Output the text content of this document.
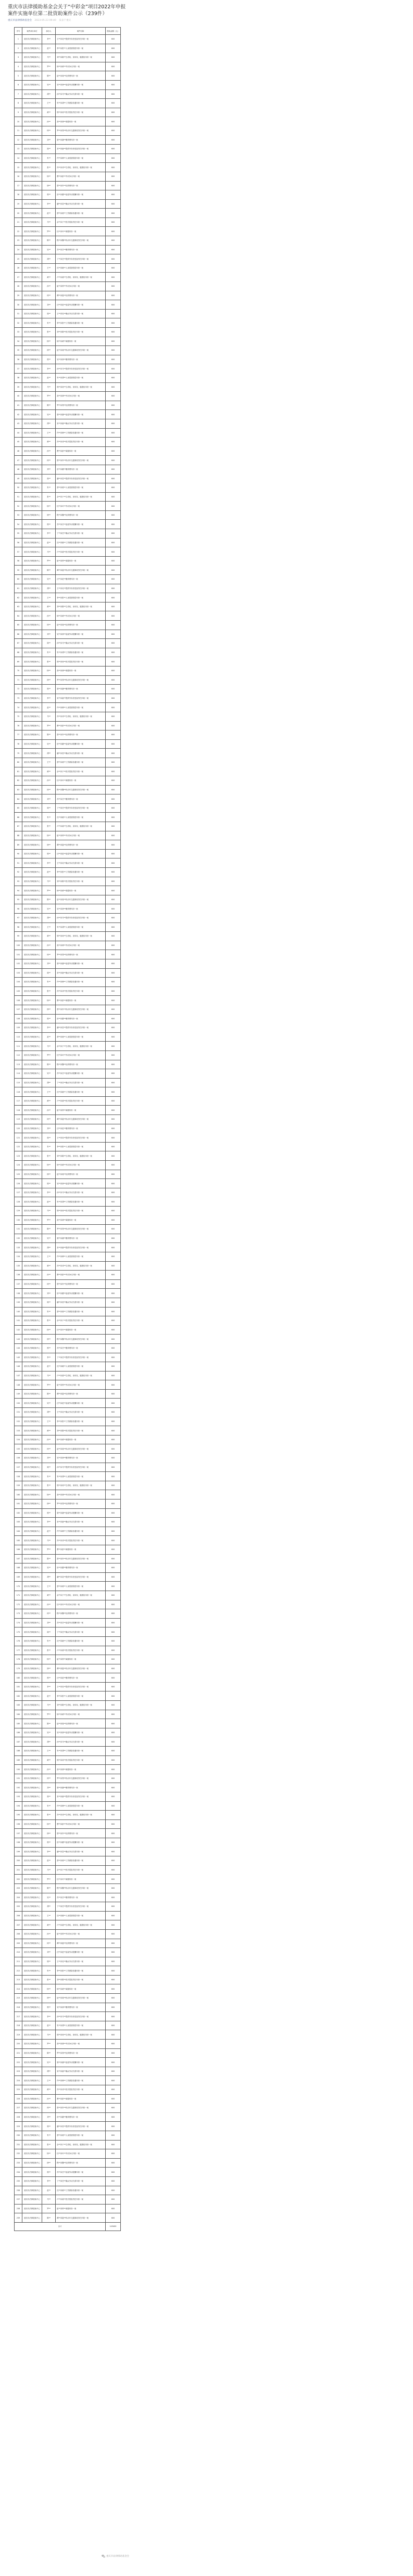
重庆市法律援助基金会关于“中彩金”项目2022年申报案件实施单位第二批资助案件公示（239件）
重庆市法律援助基金会 2023-05-23 09:40 发表于重庆
序号	案件承办单位	承办人	案件名称	资助金额（元）
1	重庆市法律援助中心	李**	王**诉吴**提供劳务者受害责任纠纷一案	600
2	重庆市法律援助中心	赵**	李**诉张**人身损害赔偿纠纷一案	600
3	重庆市法律援助中心	马**	刘**诉陈**生命权、身体权、健康权纠纷一案	600
4	重庆市法律援助中心	罗**	杨**诉黄**劳动争议纠纷一案	600
5	重庆市法律援助中心	陈**	赵**诉周**抚养费纠纷一案	600
6	重庆市法律援助中心	吴**	吴**诉徐**追索劳动报酬纠纷一案	600
7	重庆市法律援助中心	胡**	孙**诉马**确认劳动关系纠纷一案	600
8	重庆市法律援助中心	王**	朱**诉胡**工伤保险待遇纠纷一案	600
9	重庆市法律援助中心	黄**	郭**诉何**医疗损害责任纠纷一案	600
10	重庆市法律援助中心	孙**	高**诉林**离婚纠纷一案	600
11	重庆市法律援助中心	何**	罗**诉郑**机动车交通事故责任纠纷一案	600
12	重庆市法律援助中心	刘**	梁**诉谢**赡养费纠纷一案	600
13	重庆市法律援助中心	周**	宋**诉唐**提供劳务者受害责任纠纷一案	600
14	重庆市法律援助中心	朱**	许**诉韩**人身损害赔偿纠纷一案	600
15	重庆市法律援助中心	张**	冯**诉邓**生命权、身体权、健康权纠纷一案	600
16	重庆市法律援助中心	杨**	曹**诉彭**劳动争议纠纷一案	600
17	重庆市法律援助中心	徐**	曾**诉肖**抚养费纠纷一案	600
18	重庆市法律援助中心	郭**	田**诉董**追索劳动报酬纠纷一案	600
19	重庆市法律援助中心	李**	潘**诉袁**确认劳动关系纠纷一案	600
20	重庆市法律援助中心	赵**	蔡**诉蒋**工伤保险待遇纠纷一案	600
21	重庆市法律援助中心	马**	余**诉于**医疗损害责任纠纷一案	600
22	重庆市法律援助中心	罗**	杜**诉叶**离婚纠纷一案	600
23	重庆市法律援助中心	陈**	程**诉魏**机动车交通事故责任纠纷一案	600
24	重庆市法律援助中心	吴**	苏**诉吕**赡养费纠纷一案	600
25	重庆市法律援助中心	胡**	丁**诉任**提供劳务者受害责任纠纷一案	600
26	重庆市法律援助中心	王**	沈**诉姚**人身损害赔偿纠纷一案	600
27	重庆市法律援助中心	黄**	卢**诉姜**生命权、身体权、健康权纠纷一案	600
28	重庆市法律援助中心	孙**	崔**诉钟**劳动争议纠纷一案	600
29	重庆市法律援助中心	何**	谭**诉陆**抚养费纠纷一案	600
30	重庆市法律援助中心	刘**	汪**诉范**追索劳动报酬纠纷一案	600
31	重庆市法律援助中心	周**	王**诉吴**确认劳动关系纠纷一案	600
32	重庆市法律援助中心	朱**	李**诉张**工伤保险待遇纠纷一案	600
33	重庆市法律援助中心	张**	刘**诉陈**医疗损害责任纠纷一案	600
34	重庆市法律援助中心	杨**	杨**诉黄**离婚纠纷一案	600
35	重庆市法律援助中心	徐**	赵**诉周**机动车交通事故责任纠纷一案	600
36	重庆市法律援助中心	郭**	吴**诉徐**赡养费纠纷一案	600
37	重庆市法律援助中心	李**	孙**诉马**提供劳务者受害责任纠纷一案	600
38	重庆市法律援助中心	赵**	朱**诉胡**人身损害赔偿纠纷一案	600
39	重庆市法律援助中心	马**	郭**诉何**生命权、身体权、健康权纠纷一案	600
40	重庆市法律援助中心	罗**	高**诉林**劳动争议纠纷一案	600
41	重庆市法律援助中心	陈**	罗**诉郑**抚养费纠纷一案	600
42	重庆市法律援助中心	吴**	梁**诉谢**追索劳动报酬纠纷一案	600
43	重庆市法律援助中心	胡**	宋**诉唐**确认劳动关系纠纷一案	600
44	重庆市法律援助中心	王**	许**诉韩**工伤保险待遇纠纷一案	600
45	重庆市法律援助中心	黄**	冯**诉邓**医疗损害责任纠纷一案	600
46	重庆市法律援助中心	孙**	曹**诉彭**离婚纠纷一案	600
47	重庆市法律援助中心	何**	曾**诉肖**机动车交通事故责任纠纷一案	600
48	重庆市法律援助中心	刘**	田**诉董**赡养费纠纷一案	600
49	重庆市法律援助中心	周**	潘**诉袁**提供劳务者受害责任纠纷一案	600
50	重庆市法律援助中心	朱**	蔡**诉蒋**人身损害赔偿纠纷一案	600
51	重庆市法律援助中心	张**	余**诉于**生命权、身体权、健康权纠纷一案	600
52	重庆市法律援助中心	杨**	杜**诉叶**劳动争议纠纷一案	600
53	重庆市法律援助中心	徐**	程**诉魏**抚养费纠纷一案	600
54	重庆市法律援助中心	郭**	苏**诉吕**追索劳动报酬纠纷一案	600
55	重庆市法律援助中心	李**	丁**诉任**确认劳动关系纠纷一案	600
56	重庆市法律援助中心	赵**	沈**诉姚**工伤保险待遇纠纷一案	600
57	重庆市法律援助中心	马**	卢**诉姜**医疗损害责任纠纷一案	600
58	重庆市法律援助中心	罗**	崔**诉钟**离婚纠纷一案	600
59	重庆市法律援助中心	陈**	谭**诉陆**机动车交通事故责任纠纷一案	600
60	重庆市法律援助中心	吴**	汪**诉范**赡养费纠纷一案	600
61	重庆市法律援助中心	胡**	王**诉吴**提供劳务者受害责任纠纷一案	600
62	重庆市法律援助中心	王**	李**诉张**人身损害赔偿纠纷一案	600
63	重庆市法律援助中心	黄**	刘**诉陈**生命权、身体权、健康权纠纷一案	600
64	重庆市法律援助中心	孙**	杨**诉黄**劳动争议纠纷一案	600
65	重庆市法律援助中心	何**	赵**诉周**抚养费纠纷一案	600
66	重庆市法律援助中心	刘**	吴**诉徐**追索劳动报酬纠纷一案	600
67	重庆市法律援助中心	周**	孙**诉马**确认劳动关系纠纷一案	600
68	重庆市法律援助中心	朱**	朱**诉胡**工伤保险待遇纠纷一案	600
69	重庆市法律援助中心	张**	郭**诉何**医疗损害责任纠纷一案	600
70	重庆市法律援助中心	杨**	高**诉林**离婚纠纷一案	600
71	重庆市法律援助中心	徐**	罗**诉郑**机动车交通事故责任纠纷一案	600
72	重庆市法律援助中心	郭**	梁**诉谢**赡养费纠纷一案	600
73	重庆市法律援助中心	李**	宋**诉唐**提供劳务者受害责任纠纷一案	600
74	重庆市法律援助中心	赵**	许**诉韩**人身损害赔偿纠纷一案	600
75	重庆市法律援助中心	马**	冯**诉邓**生命权、身体权、健康权纠纷一案	600
76	重庆市法律援助中心	罗**	曹**诉彭**劳动争议纠纷一案	600
77	重庆市法律援助中心	陈**	曾**诉肖**抚养费纠纷一案	600
78	重庆市法律援助中心	吴**	田**诉董**追索劳动报酬纠纷一案	600
79	重庆市法律援助中心	胡**	潘**诉袁**确认劳动关系纠纷一案	600
80	重庆市法律援助中心	王**	蔡**诉蒋**工伤保险待遇纠纷一案	600
81	重庆市法律援助中心	黄**	余**诉于**医疗损害责任纠纷一案	600
82	重庆市法律援助中心	孙**	杜**诉叶**离婚纠纷一案	600
83	重庆市法律援助中心	何**	程**诉魏**机动车交通事故责任纠纷一案	600
84	重庆市法律援助中心	刘**	苏**诉吕**赡养费纠纷一案	600
85	重庆市法律援助中心	周**	丁**诉任**提供劳务者受害责任纠纷一案	600
86	重庆市法律援助中心	朱**	沈**诉姚**人身损害赔偿纠纷一案	600
87	重庆市法律援助中心	张**	卢**诉姜**生命权、身体权、健康权纠纷一案	600
88	重庆市法律援助中心	杨**	崔**诉钟**劳动争议纠纷一案	600
89	重庆市法律援助中心	徐**	谭**诉陆**抚养费纠纷一案	600
90	重庆市法律援助中心	郭**	汪**诉范**追索劳动报酬纠纷一案	600
91	重庆市法律援助中心	李**	王**诉吴**确认劳动关系纠纷一案	600
92	重庆市法律援助中心	赵**	李**诉张**工伤保险待遇纠纷一案	600
93	重庆市法律援助中心	马**	刘**诉陈**医疗损害责任纠纷一案	600
94	重庆市法律援助中心	罗**	杨**诉黄**离婚纠纷一案	600
95	重庆市法律援助中心	陈**	赵**诉周**机动车交通事故责任纠纷一案	600
96	重庆市法律援助中心	吴**	吴**诉徐**赡养费纠纷一案	600
97	重庆市法律援助中心	胡**	孙**诉马**提供劳务者受害责任纠纷一案	600
98	重庆市法律援助中心	王**	朱**诉胡**人身损害赔偿纠纷一案	600
99	重庆市法律援助中心	黄**	郭**诉何**生命权、身体权、健康权纠纷一案	600
100	重庆市法律援助中心	孙**	高**诉林**劳动争议纠纷一案	600
101	重庆市法律援助中心	何**	罗**诉郑**抚养费纠纷一案	600
102	重庆市法律援助中心	刘**	梁**诉谢**追索劳动报酬纠纷一案	600
103	重庆市法律援助中心	周**	宋**诉唐**确认劳动关系纠纷一案	600
104	重庆市法律援助中心	朱**	许**诉韩**工伤保险待遇纠纷一案	600
105	重庆市法律援助中心	张**	冯**诉邓**医疗损害责任纠纷一案	600
106	重庆市法律援助中心	杨**	曹**诉彭**离婚纠纷一案	600
107	重庆市法律援助中心	徐**	曾**诉肖**机动车交通事故责任纠纷一案	600
108	重庆市法律援助中心	郭**	田**诉董**赡养费纠纷一案	600
109	重庆市法律援助中心	李**	潘**诉袁**提供劳务者受害责任纠纷一案	600
110	重庆市法律援助中心	赵**	蔡**诉蒋**人身损害赔偿纠纷一案	600
111	重庆市法律援助中心	马**	余**诉于**生命权、身体权、健康权纠纷一案	600
112	重庆市法律援助中心	罗**	杜**诉叶**劳动争议纠纷一案	600
113	重庆市法律援助中心	陈**	程**诉魏**抚养费纠纷一案	600
114	重庆市法律援助中心	吴**	苏**诉吕**追索劳动报酬纠纷一案	600
115	重庆市法律援助中心	胡**	丁**诉任**确认劳动关系纠纷一案	600
116	重庆市法律援助中心	王**	沈**诉姚**工伤保险待遇纠纷一案	600
117	重庆市法律援助中心	黄**	卢**诉姜**医疗损害责任纠纷一案	600
118	重庆市法律援助中心	孙**	崔**诉钟**离婚纠纷一案	600
119	重庆市法律援助中心	何**	谭**诉陆**机动车交通事故责任纠纷一案	600
120	重庆市法律援助中心	刘**	汪**诉范**赡养费纠纷一案	600
121	重庆市法律援助中心	周**	王**诉吴**提供劳务者受害责任纠纷一案	600
122	重庆市法律援助中心	朱**	李**诉张**人身损害赔偿纠纷一案	600
123	重庆市法律援助中心	张**	刘**诉陈**生命权、身体权、健康权纠纷一案	600
124	重庆市法律援助中心	杨**	杨**诉黄**劳动争议纠纷一案	600
125	重庆市法律援助中心	徐**	赵**诉周**抚养费纠纷一案	600
126	重庆市法律援助中心	郭**	吴**诉徐**追索劳动报酬纠纷一案	600
127	重庆市法律援助中心	李**	孙**诉马**确认劳动关系纠纷一案	600
128	重庆市法律援助中心	赵**	朱**诉胡**工伤保险待遇纠纷一案	600
129	重庆市法律援助中心	马**	郭**诉何**医疗损害责任纠纷一案	600
130	重庆市法律援助中心	罗**	高**诉林**离婚纠纷一案	600
131	重庆市法律援助中心	陈**	罗**诉郑**机动车交通事故责任纠纷一案	600
132	重庆市法律援助中心	吴**	梁**诉谢**赡养费纠纷一案	600
133	重庆市法律援助中心	胡**	宋**诉唐**提供劳务者受害责任纠纷一案	600
134	重庆市法律援助中心	王**	许**诉韩**人身损害赔偿纠纷一案	600
135	重庆市法律援助中心	黄**	冯**诉邓**生命权、身体权、健康权纠纷一案	600
136	重庆市法律援助中心	孙**	曹**诉彭**劳动争议纠纷一案	600
137	重庆市法律援助中心	何**	曾**诉肖**抚养费纠纷一案	600
138	重庆市法律援助中心	刘**	田**诉董**追索劳动报酬纠纷一案	600
139	重庆市法律援助中心	周**	潘**诉袁**确认劳动关系纠纷一案	600
140	重庆市法律援助中心	朱**	蔡**诉蒋**工伤保险待遇纠纷一案	600
141	重庆市法律援助中心	张**	余**诉于**医疗损害责任纠纷一案	600
142	重庆市法律援助中心	杨**	杜**诉叶**离婚纠纷一案	600
143	重庆市法律援助中心	徐**	程**诉魏**机动车交通事故责任纠纷一案	600
144	重庆市法律援助中心	郭**	苏**诉吕**赡养费纠纷一案	600
145	重庆市法律援助中心	李**	丁**诉任**提供劳务者受害责任纠纷一案	600
146	重庆市法律援助中心	赵**	沈**诉姚**人身损害赔偿纠纷一案	600
147	重庆市法律援助中心	马**	卢**诉姜**生命权、身体权、健康权纠纷一案	600
148	重庆市法律援助中心	罗**	崔**诉钟**劳动争议纠纷一案	600
149	重庆市法律援助中心	陈**	谭**诉陆**抚养费纠纷一案	600
150	重庆市法律援助中心	吴**	汪**诉范**追索劳动报酬纠纷一案	600
151	重庆市法律援助中心	胡**	王**诉吴**确认劳动关系纠纷一案	600
152	重庆市法律援助中心	王**	李**诉张**工伤保险待遇纠纷一案	600
153	重庆市法律援助中心	黄**	刘**诉陈**医疗损害责任纠纷一案	600
154	重庆市法律援助中心	孙**	杨**诉黄**离婚纠纷一案	600
155	重庆市法律援助中心	何**	赵**诉周**机动车交通事故责任纠纷一案	600
156	重庆市法律援助中心	刘**	吴**诉徐**赡养费纠纷一案	600
157	重庆市法律援助中心	周**	孙**诉马**提供劳务者受害责任纠纷一案	600
158	重庆市法律援助中心	朱**	朱**诉胡**人身损害赔偿纠纷一案	600
159	重庆市法律援助中心	张**	郭**诉何**生命权、身体权、健康权纠纷一案	600
160	重庆市法律援助中心	杨**	高**诉林**劳动争议纠纷一案	600
161	重庆市法律援助中心	徐**	罗**诉郑**抚养费纠纷一案	600
162	重庆市法律援助中心	郭**	梁**诉谢**追索劳动报酬纠纷一案	600
163	重庆市法律援助中心	李**	宋**诉唐**确认劳动关系纠纷一案	600
164	重庆市法律援助中心	赵**	许**诉韩**工伤保险待遇纠纷一案	600
165	重庆市法律援助中心	马**	冯**诉邓**医疗损害责任纠纷一案	600
166	重庆市法律援助中心	罗**	曹**诉彭**离婚纠纷一案	600
167	重庆市法律援助中心	陈**	曾**诉肖**机动车交通事故责任纠纷一案	600
168	重庆市法律援助中心	吴**	田**诉董**赡养费纠纷一案	600
169	重庆市法律援助中心	胡**	潘**诉袁**提供劳务者受害责任纠纷一案	600
170	重庆市法律援助中心	王**	蔡**诉蒋**人身损害赔偿纠纷一案	600
171	重庆市法律援助中心	黄**	余**诉于**生命权、身体权、健康权纠纷一案	600
172	重庆市法律援助中心	孙**	杜**诉叶**劳动争议纠纷一案	600
173	重庆市法律援助中心	何**	程**诉魏**抚养费纠纷一案	600
174	重庆市法律援助中心	刘**	苏**诉吕**追索劳动报酬纠纷一案	600
175	重庆市法律援助中心	周**	丁**诉任**确认劳动关系纠纷一案	600
176	重庆市法律援助中心	朱**	沈**诉姚**工伤保险待遇纠纷一案	600
177	重庆市法律援助中心	张**	卢**诉姜**医疗损害责任纠纷一案	600
178	重庆市法律援助中心	杨**	崔**诉钟**离婚纠纷一案	600
179	重庆市法律援助中心	徐**	谭**诉陆**机动车交通事故责任纠纷一案	600
180	重庆市法律援助中心	郭**	汪**诉范**赡养费纠纷一案	600
181	重庆市法律援助中心	李**	王**诉吴**提供劳务者受害责任纠纷一案	600
182	重庆市法律援助中心	赵**	李**诉张**人身损害赔偿纠纷一案	600
183	重庆市法律援助中心	马**	刘**诉陈**生命权、身体权、健康权纠纷一案	600
184	重庆市法律援助中心	罗**	杨**诉黄**劳动争议纠纷一案	600
185	重庆市法律援助中心	陈**	赵**诉周**抚养费纠纷一案	600
186	重庆市法律援助中心	吴**	吴**诉徐**追索劳动报酬纠纷一案	600
187	重庆市法律援助中心	胡**	孙**诉马**确认劳动关系纠纷一案	600
188	重庆市法律援助中心	王**	朱**诉胡**工伤保险待遇纠纷一案	600
189	重庆市法律援助中心	黄**	郭**诉何**医疗损害责任纠纷一案	600
190	重庆市法律援助中心	孙**	高**诉林**离婚纠纷一案	600
191	重庆市法律援助中心	何**	罗**诉郑**机动车交通事故责任纠纷一案	600
192	重庆市法律援助中心	刘**	梁**诉谢**赡养费纠纷一案	600
193	重庆市法律援助中心	周**	宋**诉唐**提供劳务者受害责任纠纷一案	600
194	重庆市法律援助中心	朱**	许**诉韩**人身损害赔偿纠纷一案	600
195	重庆市法律援助中心	张**	冯**诉邓**生命权、身体权、健康权纠纷一案	600
196	重庆市法律援助中心	杨**	曹**诉彭**劳动争议纠纷一案	600
197	重庆市法律援助中心	徐**	曾**诉肖**抚养费纠纷一案	600
198	重庆市法律援助中心	郭**	田**诉董**追索劳动报酬纠纷一案	600
199	重庆市法律援助中心	李**	潘**诉袁**确认劳动关系纠纷一案	600
200	重庆市法律援助中心	赵**	蔡**诉蒋**工伤保险待遇纠纷一案	600
201	重庆市法律援助中心	马**	余**诉于**医疗损害责任纠纷一案	600
202	重庆市法律援助中心	罗**	杜**诉叶**离婚纠纷一案	600
203	重庆市法律援助中心	陈**	程**诉魏**机动车交通事故责任纠纷一案	600
204	重庆市法律援助中心	吴**	苏**诉吕**赡养费纠纷一案	600
205	重庆市法律援助中心	胡**	丁**诉任**提供劳务者受害责任纠纷一案	600
206	重庆市法律援助中心	王**	沈**诉姚**人身损害赔偿纠纷一案	600
207	重庆市法律援助中心	黄**	卢**诉姜**生命权、身体权、健康权纠纷一案	600
208	重庆市法律援助中心	孙**	崔**诉钟**劳动争议纠纷一案	600
209	重庆市法律援助中心	何**	谭**诉陆**抚养费纠纷一案	600
210	重庆市法律援助中心	刘**	汪**诉范**追索劳动报酬纠纷一案	600
211	重庆市法律援助中心	周**	王**诉吴**确认劳动关系纠纷一案	600
212	重庆市法律援助中心	朱**	李**诉张**工伤保险待遇纠纷一案	600
213	重庆市法律援助中心	张**	刘**诉陈**医疗损害责任纠纷一案	600
214	重庆市法律援助中心	杨**	杨**诉黄**离婚纠纷一案	600
215	重庆市法律援助中心	徐**	赵**诉周**机动车交通事故责任纠纷一案	600
216	重庆市法律援助中心	郭**	吴**诉徐**赡养费纠纷一案	600
217	重庆市法律援助中心	李**	孙**诉马**提供劳务者受害责任纠纷一案	600
218	重庆市法律援助中心	赵**	朱**诉胡**人身损害赔偿纠纷一案	600
219	重庆市法律援助中心	马**	郭**诉何**生命权、身体权、健康权纠纷一案	600
220	重庆市法律援助中心	罗**	高**诉林**劳动争议纠纷一案	600
221	重庆市法律援助中心	陈**	罗**诉郑**抚养费纠纷一案	600
222	重庆市法律援助中心	吴**	梁**诉谢**追索劳动报酬纠纷一案	600
223	重庆市法律援助中心	胡**	宋**诉唐**确认劳动关系纠纷一案	600
224	重庆市法律援助中心	王**	许**诉韩**工伤保险待遇纠纷一案	600
225	重庆市法律援助中心	黄**	冯**诉邓**医疗损害责任纠纷一案	600
226	重庆市法律援助中心	孙**	曹**诉彭**离婚纠纷一案	600
227	重庆市法律援助中心	何**	曾**诉肖**机动车交通事故责任纠纷一案	600
228	重庆市法律援助中心	刘**	田**诉董**赡养费纠纷一案	600
229	重庆市法律援助中心	周**	潘**诉袁**提供劳务者受害责任纠纷一案	600
230	重庆市法律援助中心	朱**	蔡**诉蒋**人身损害赔偿纠纷一案	600
231	重庆市法律援助中心	张**	余**诉于**生命权、身体权、健康权纠纷一案	600
232	重庆市法律援助中心	杨**	杜**诉叶**劳动争议纠纷一案	600
233	重庆市法律援助中心	徐**	程**诉魏**抚养费纠纷一案	600
234	重庆市法律援助中心	郭**	苏**诉吕**追索劳动报酬纠纷一案	600
235	重庆市法律援助中心	李**	丁**诉任**确认劳动关系纠纷一案	600
236	重庆市法律援助中心	赵**	沈**诉姚**工伤保险待遇纠纷一案	600
237	重庆市法律援助中心	马**	卢**诉姜**医疗损害责任纠纷一案	600
238	重庆市法律援助中心	罗**	崔**诉钟**离婚纠纷一案	600
239	重庆市法律援助中心	陈**	谭**诉陆**机动车交通事故责任纠纷一案	600
合计				143400
重庆市法律援助基金会
